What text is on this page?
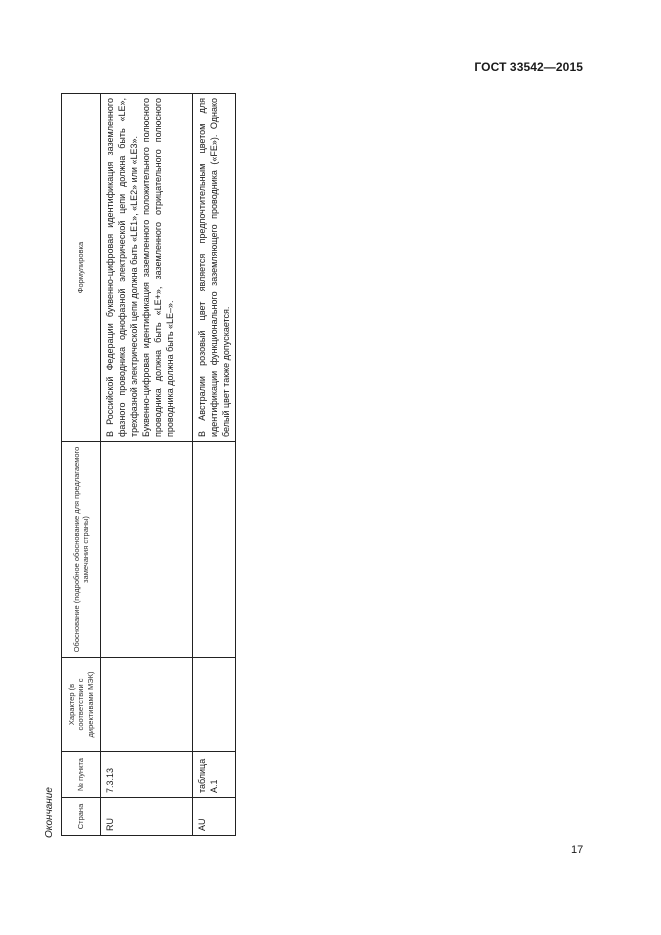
ГОСТ 33542—2015
Окончание	Страна	№ пункта	Характер (в соответствии с директивами МЭК)	Обоснование (подробное обоснование для предлагаемого замечания страны)	Формулировка
RU	7.3.13			В Российской Федерации буквенно-цифровая идентификация заземленного фазного проводника однофазной электрической цепи должна быть «LE», трехфазной электрической цепи должна быть «LE1», «LE2» или «LE3». Буквенно-цифровая идентификация заземленного положительного полюсного проводника должна быть «LE+», заземленного отрицательного полюсного проводника должна быть «LE–».

AU	таблица А.1			В Австралии розовый цвет является предпочтительным цветом для идентификации функционального заземляющего проводника («FE»). Однако белый цвет также допускается.

17
